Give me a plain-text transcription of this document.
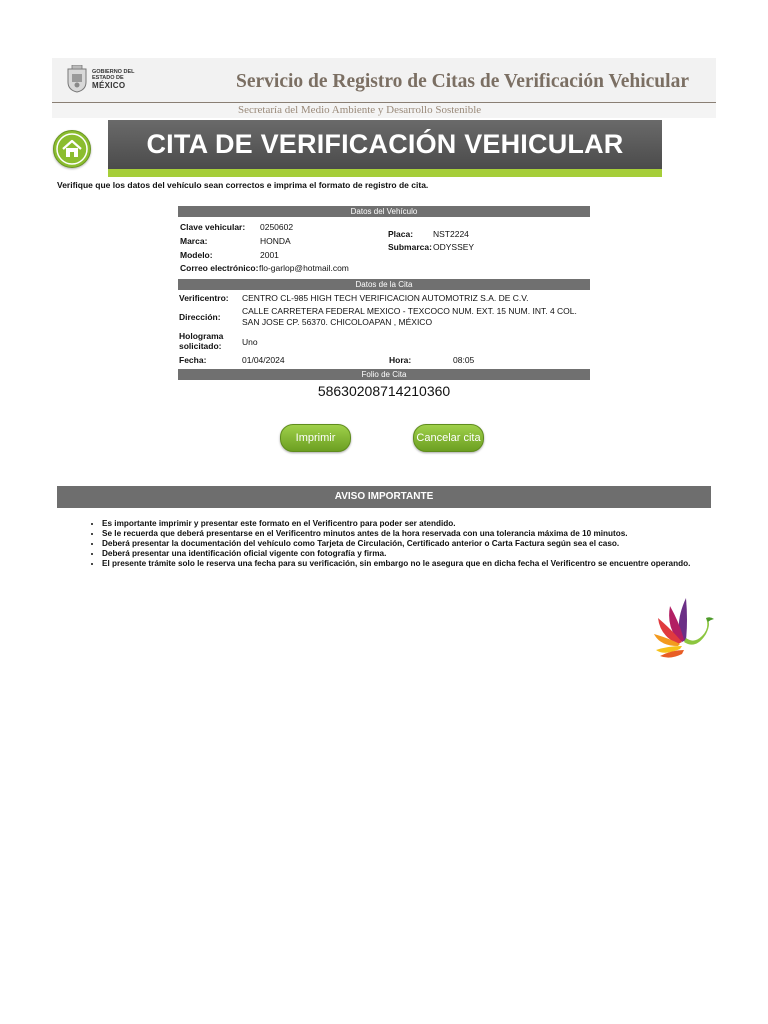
GOBIERNO DEL
ESTADO DE
MÉXICO	Servicio de Registro de Citas de Verificación Vehicular
Secretaría del Medio Ambiente y Desarrollo Sostenible
CITA DE VERIFICACIÓN VEHICULAR
Verifique que los datos del vehículo sean correctos e imprima el formato de registro de cita.
Datos del Vehículo
Clave vehicular: 0250602
Marca:	HONDA
Modelo:	2001
Correo electrónico: flo-garlop@hotmail.com
Placa: NST2224
Submarca: ODYSSEY
Datos de la Cita
Verificentro: CENTRO CL-985 HIGH TECH VERIFICACION AUTOMOTRIZ S.A. DE C.V.
Dirección:
CALLE CARRETERA FEDERAL MEXICO - TEXCOCO NUM. EXT. 15 NUM. INT. 4 COL. SAN JOSE CP. 56370. CHICOLOAPAN , MÉXICO
Holograma solicitado:	Uno
Fecha:	01/04/2024	Hora:	08:05
Folio de Cita
58630208714210360
Imprimir	Cancelar cita
AVISO IMPORTANTE
• Es importante imprimir y presentar este formato en el Verificentro para poder ser atendido.
• Se le recuerda que deberá presentarse en el Verificentro minutos antes de la hora reservada con una tolerancia máxima de 10 minutos.
• Deberá presentar la documentación del vehículo como Tarjeta de Circulación, Certificado anterior o Carta Factura según sea el caso.
• Deberá presentar una identificación oficial vigente con fotografía y firma.
• El presente trámite solo le reserva una fecha para su verificación, sin embargo no le asegura que en dicha fecha el Verificentro se encuentre operando.
